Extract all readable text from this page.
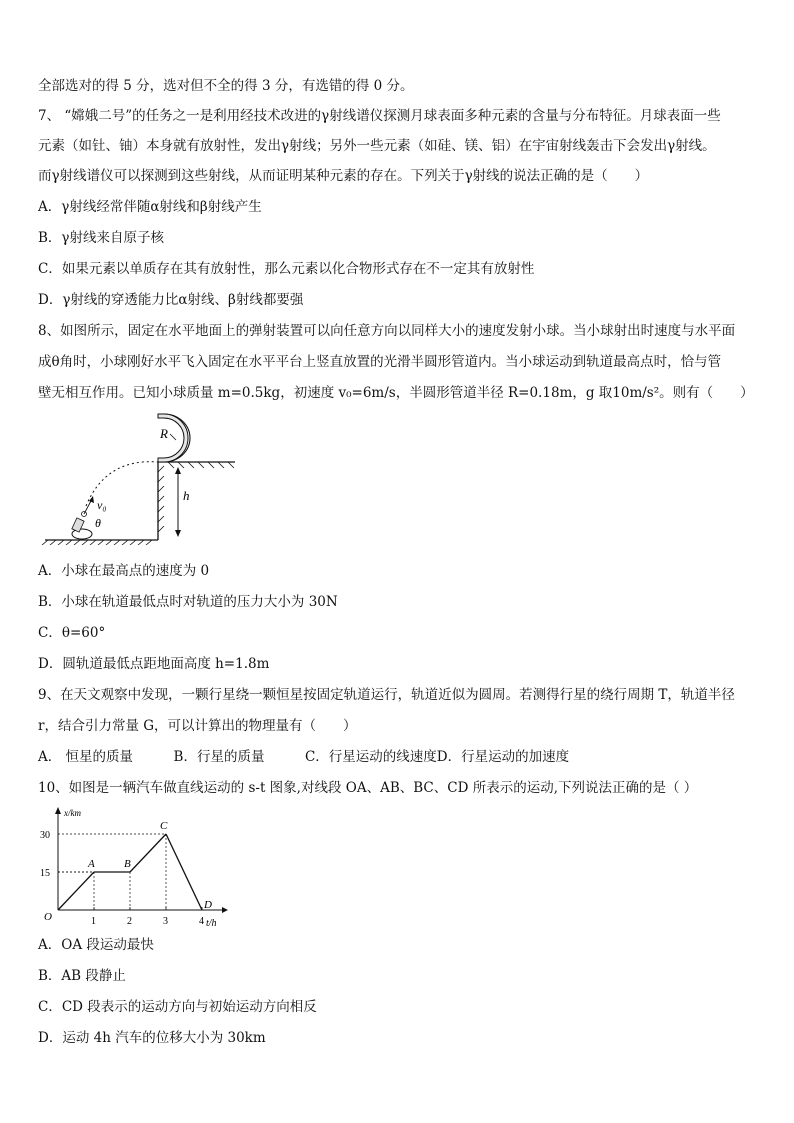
全部选对的得 5 分，选对但不全的得 3 分，有选错的得 0 分。
7、 “嫦娥二号”的任务之一是利用经技术改进的γ射线谱仪探测月球表面多种元素的含量与分布特征。月球表面一些
元素（如钍、铀）本身就有放射性，发出γ射线；另外一些元素（如硅、镁、铝）在宇宙射线轰击下会发出γ射线。
而γ射线谱仪可以探测到这些射线，从而证明某种元素的存在。下列关于γ射线的说法正确的是（　　）
A．γ射线经常伴随α射线和β射线产生
B．γ射线来自原子核
C．如果元素以单质存在其有放射性，那么元素以化合物形式存在不一定其有放射性
D．γ射线的穿透能力比α射线、β射线都要强
8、如图所示，固定在水平地面上的弹射装置可以向任意方向以同样大小的速度发射小球。当小球射出时速度与水平面
成θ角时，小球刚好水平飞入固定在水平平台上竖直放置的光滑半圆形管道内。当小球运动到轨道最高点时，恰与管
壁无相互作用。已知小球质量 m=0.5kg，初速度 v₀=6m/s，半圆形管道半径 R=0.18m，g 取10m/s²。则有（　　）
R
h
v₀
θ
A．小球在最高点的速度为 0
B．小球在轨道最低点时对轨道的压力大小为 30N
C．θ=60°
D．圆轨道最低点距地面高度 h=1.8m
9、在天文观察中发现，一颗行星绕一颗恒星按固定轨道运行，轨道近似为圆周。若测得行星的绕行周期 T，轨道半径
r，结合引力常量 G，可以计算出的物理量有（　　）
A． 恒星的质量　　　B．行星的质量　　　C．行星运动的线速度D．行星运动的加速度
10、如图是一辆汽车做直线运动的 s-t 图象,对线段 OA、AB、BC、CD 所表示的运动,下列说法正确的是（ ）
x/km
t/h
O	1	2	3	4
15
30
A	B
C
D
A．OA 段运动最快
B．AB 段静止
C．CD 段表示的运动方向与初始运动方向相反
D．运动 4h 汽车的位移大小为 30km
